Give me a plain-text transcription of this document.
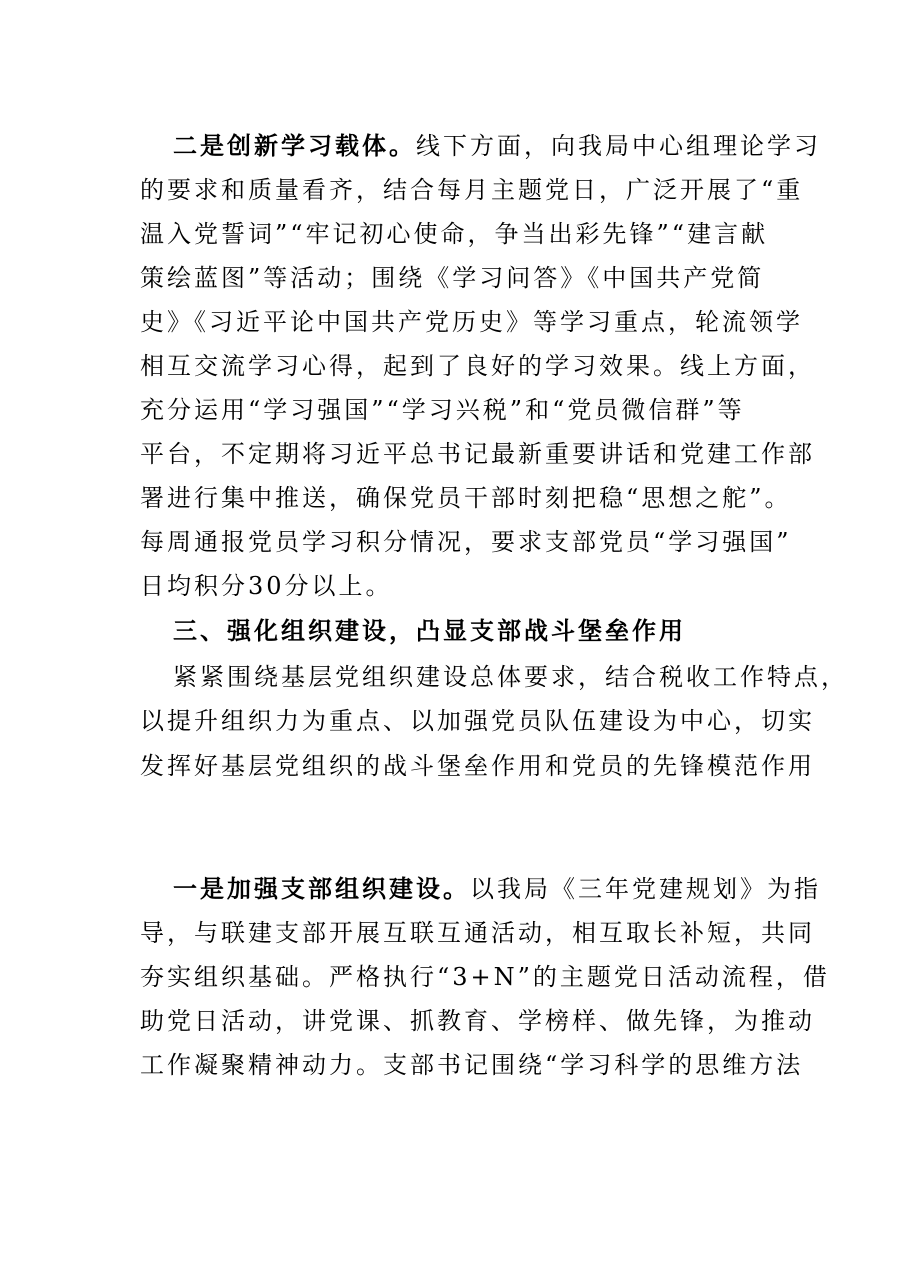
二是创新学习载体。线下方面，向我局中心组理论学习
的要求和质量看齐，结合每月主题党日，广泛开展了“重
温入党誓词”“牢记初心使命，争当出彩先锋”“建言献
策绘蓝图”等活动；围绕《学习问答》《中国共产党简
史》《习近平论中国共产党历史》等学习重点，轮流领学
相互交流学习心得，起到了良好的学习效果。线上方面，
充分运用“学习强国”“学习兴税”和“党员微信群”等
平台，不定期将习近平总书记最新重要讲话和党建工作部
署进行集中推送，确保党员干部时刻把稳“思想之舵”。
每周通报党员学习积分情况，要求支部党员“学习强国”
日均积分30分以上。
三、强化组织建设，凸显支部战斗堡垒作用
紧紧围绕基层党组织建设总体要求，结合税收工作特点，
以提升组织力为重点、以加强党员队伍建设为中心，切实
发挥好基层党组织的战斗堡垒作用和党员的先锋模范作用
一是加强支部组织建设。以我局《三年党建规划》为指
导，与联建支部开展互联互通活动，相互取长补短，共同
夯实组织基础。严格执行“3+N”的主题党日活动流程，借
助党日活动，讲党课、抓教育、学榜样、做先锋，为推动
工作凝聚精神动力。支部书记围绕“学习科学的思维方法
